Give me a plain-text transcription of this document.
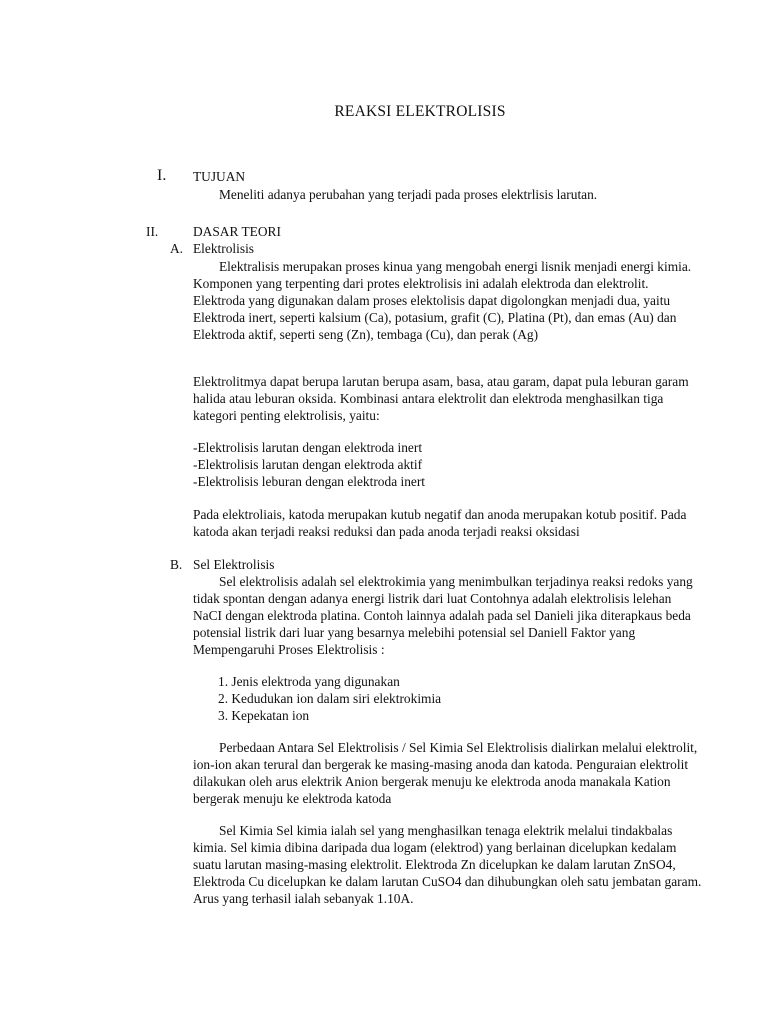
REAKSI ELEKTROLISIS
I. TUJUAN
Meneliti adanya perubahan yang terjadi pada proses elektrlisis larutan.
II.	DASAR TEORI
A. Elektrolisis

Elektralisis merupakan proses kinua yang mengobah energi lisnik menjadi energi kimia. Komponen yang terpenting dari protes elektrolisis ini adalah elektroda dan elektrolit. Elektroda yang digunakan dalam proses elektolisis dapat digolongkan menjadi dua, yaitu Elektroda inert, seperti kalsium (Ca), potasium, grafit (C), Platina (Pt), dan emas (Au) dan Elektroda aktif, seperti seng (Zn), tembaga (Cu), dan perak (Ag)

Elektrolitmya dapat berupa larutan berupa asam, basa, atau garam, dapat pula leburan garam halida atau leburan oksida. Kombinasi antara elektrolit dan elektroda menghasilkan tiga kategori penting elektrolisis, yaitu:

-Elektrolisis larutan dengan elektroda inert
-Elektrolisis larutan dengan elektroda aktif
-Elektrolisis leburan dengan elektroda inert

Pada elektroliais, katoda merupakan kutub negatif dan anoda merupakan kotub positif. Pada katoda akan terjadi reaksi reduksi dan pada anoda terjadi reaksi oksidasi

B. Sel Elektrolisis

Sel elektrolisis adalah sel elektrokimia yang menimbulkan terjadinya reaksi redoks yang tidak spontan dengan adanya energi listrik dari luat Contohnya adalah elektrolisis lelehan NaCI dengan elektroda platina. Contoh lainnya adalah pada sel Danieli jika diterapkaus beda potensial listrik dari luar yang besarnya melebihi potensial sel Daniell Faktor yang Mempengaruhi Proses Elektrolisis :

1. Jenis elektroda yang digunakan
2. Kedudukan ion dalam siri elektrokimia
3. Kepekatan ion

Perbedaan Antara Sel Elektrolisis / Sel Kimia Sel Elektrolisis dialirkan melalui elektrolit, ion-ion akan terural dan bergerak ke masing-masing anoda dan katoda. Penguraian elektrolit dilakukan oleh arus elektrik Anion bergerak menuju ke elektroda anoda manakala Kation bergerak menuju ke elektroda katoda

Sel Kimia Sel kimia ialah sel yang menghasilkan tenaga elektrik melalui tindakbalas kimia. Sel kimia dibina daripada dua logam (elektrod) yang berlainan dicelupkan kedalam suatu larutan masing-masing elektrolit. Elektroda Zn dicelupkan ke dalam larutan ZnSO4, Elektroda Cu dicelupkan ke dalam larutan CuSO4 dan dihubungkan oleh satu jembatan garam. Arus yang terhasil ialah sebanyak 1.10A.
